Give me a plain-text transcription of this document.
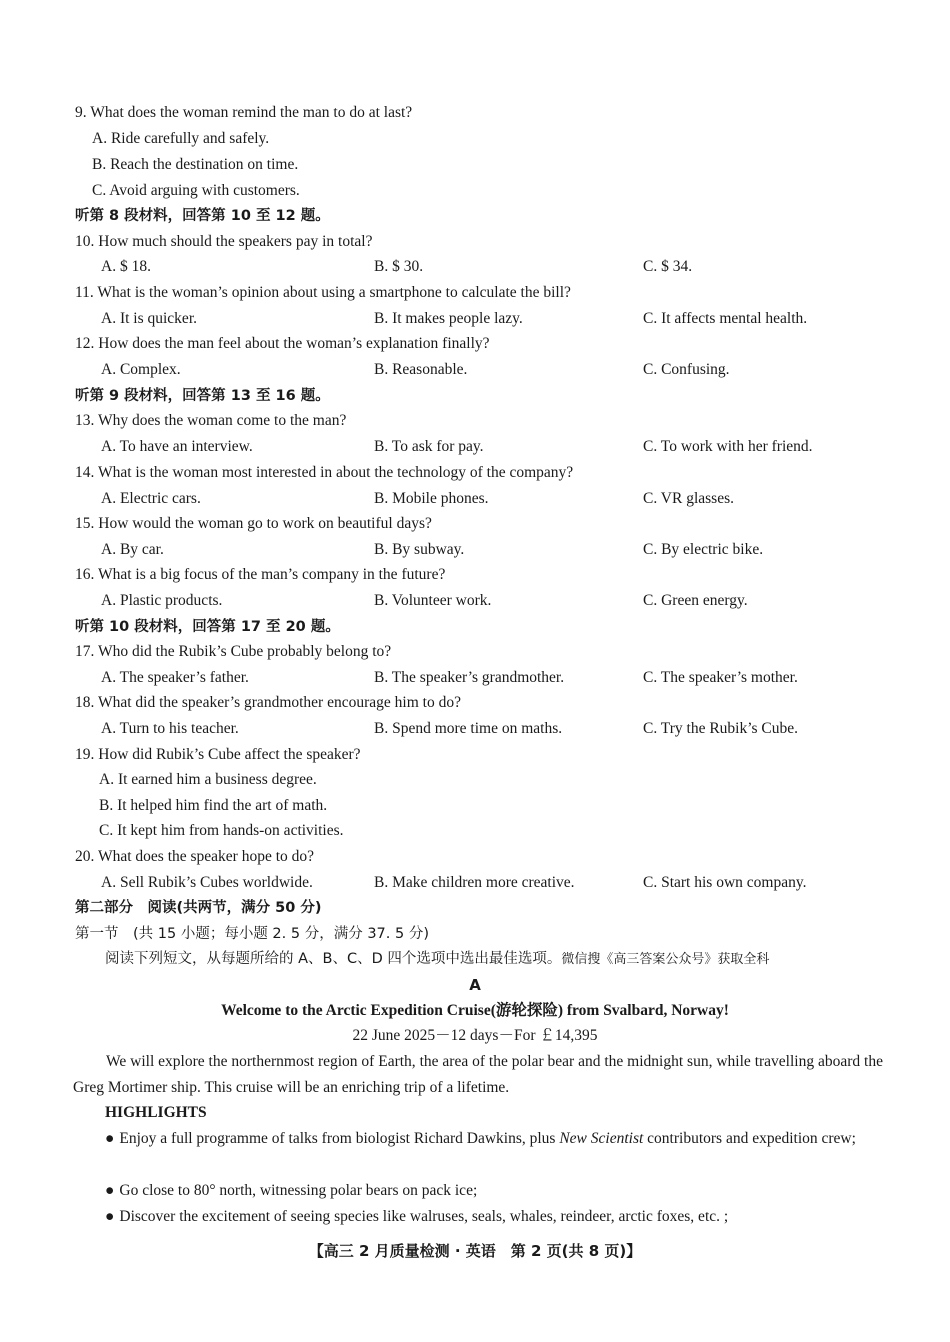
9. What does the woman remind the man to do at last?
A. Ride carefully and safely.
B. Reach the destination on time.
C. Avoid arguing with customers.
听第 8 段材料，回答第 10 至 12 题。
10. How much should the speakers pay in total?
A. $ 18.	B. $ 30.	C. $ 34.
11. What is the woman’s opinion about using a smartphone to calculate the bill?
A. It is quicker.	B. It makes people lazy.	C. It affects mental health.
12. How does the man feel about the woman’s explanation finally?
A. Complex.	B. Reasonable.	C. Confusing.
听第 9 段材料，回答第 13 至 16 题。
13. Why does the woman come to the man?
A. To have an interview.	B. To ask for pay.	C. To work with her friend.
14. What is the woman most interested in about the technology of the company?
A. Electric cars.	B. Mobile phones.	C. VR glasses.
15. How would the woman go to work on beautiful days?
A. By car.	B. By subway.	C. By electric bike.
16. What is a big focus of the man’s company in the future?
A. Plastic products.	B. Volunteer work.	C. Green energy.
听第 10 段材料，回答第 17 至 20 题。
17. Who did the Rubik’s Cube probably belong to?
A. The speaker’s father.	B. The speaker’s grandmother.	C. The speaker’s mother.
18. What did the speaker’s grandmother encourage him to do?
A. Turn to his teacher.	B. Spend more time on maths.	C. Try the Rubik’s Cube.
19. How did Rubik’s Cube affect the speaker?
A. It earned him a business degree.
B. It helped him find the art of math.
C. It kept him from hands-on activities.
20. What does the speaker hope to do?
A. Sell Rubik’s Cubes worldwide.	B. Make children more creative.	C. Start his own company.
第二部分　阅读(共两节，满分 50 分)
第一节　(共 15 小题；每小题 2. 5 分，满分 37. 5 分)
阅读下列短文，从每题所给的 A、B、C、D 四个选项中选出最佳选项。微信搜《高三答案公众号》获取全科
A
Welcome to the Arctic Expedition Cruise(游轮探险) from Svalbard, Norway!
22 June 2025－12 days－For ￡14,395
We will explore the northernmost region of Earth, the area of the polar bear and the midnight sun, while travelling aboard the Greg Mortimer ship. This cruise will be an enriching trip of a lifetime.
HIGHLIGHTS
● Enjoy a full programme of talks from biologist Richard Dawkins, plus New Scientist contributors and expedition crew;
● Go close to 80° north, witnessing polar bears on pack ice;
● Discover the excitement of seeing species like walruses, seals, whales, reindeer, arctic foxes, etc. ;
【高三 2 月质量检测 · 英语　第 2 页(共 8 页)】
